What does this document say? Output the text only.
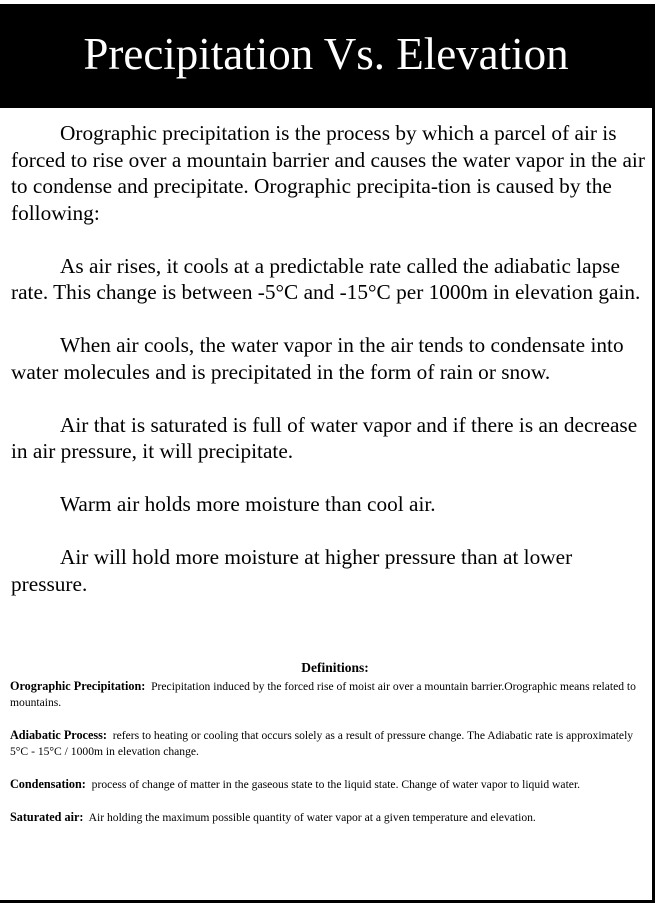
Precipitation Vs. Elevation

Orographic precipitation is the process by which a parcel of air is forced to rise over a mountain barrier and causes the water vapor in the air to condense and precipitate. Orographic precipita-tion is caused by the following:

As air rises, it cools at a predictable rate called the adiabatic lapse rate. This change is between -5°C and -15°C per 1000m in elevation gain.

When air cools, the water vapor in the air tends to condensate into water molecules and is precipitated in the form of rain or snow.

Air that is saturated is full of water vapor and if there is an decrease in air pressure, it will precipitate.

Warm air holds more moisture than cool air.

Air will hold more moisture at higher pressure than at lower pressure.

Definitions:

Orographic Precipitation: Precipitation induced by the forced rise of moist air over a mountain barrier.Orographic means related to mountains.

Adiabatic Process: refers to heating or cooling that occurs solely as a result of pressure change. The Adiabatic rate is approximately 5°C - 15°C / 1000m in elevation change.

Condensation: process of change of matter in the gaseous state to the liquid state. Change of water vapor to liquid water.

Saturated air: Air holding the maximum possible quantity of water vapor at a given temperature and elevation.
